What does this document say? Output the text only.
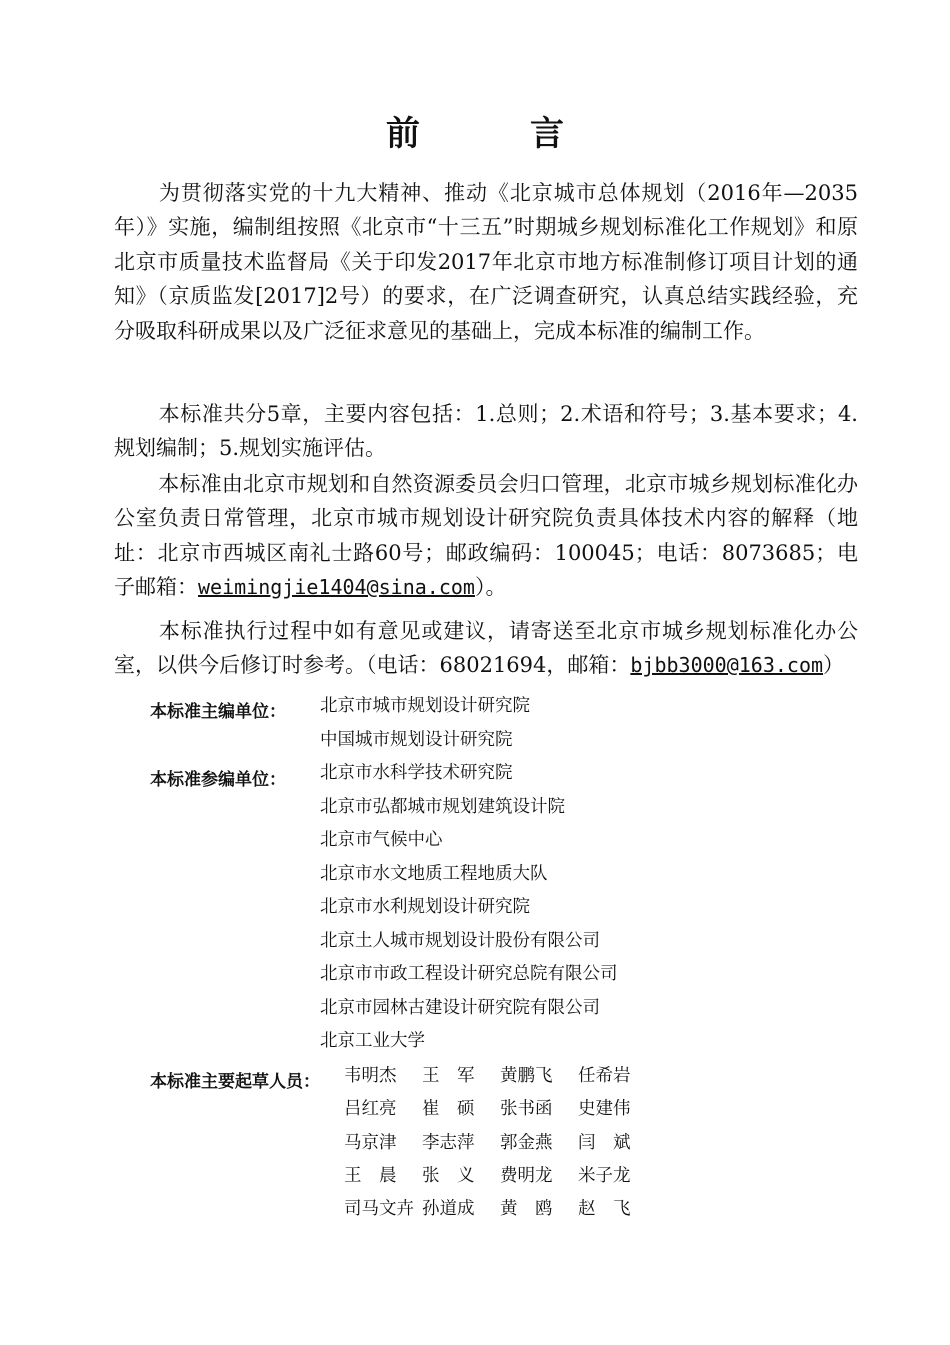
前　言

为贯彻落实党的十九大精神、推动《北京城市总体规划（2016年—2035年）》实施，编制组按照《北京市“十三五”时期城乡规划标准化工作规划》和原北京市质量技术监督局《关于印发2017年北京市地方标准制修订项目计划的通知》（京质监发[2017]2号）的要求，在广泛调查研究，认真总结实践经验，充分吸取科研成果以及广泛征求意见的基础上，完成本标准的编制工作。

本标准共分5章，主要内容包括：1.总则；2.术语和符号；3.基本要求；4.规划编制；5.规划实施评估。

本标准由北京市规划和自然资源委员会归口管理，北京市城乡规划标准化办公室负责日常管理，北京市城市规划设计研究院负责具体技术内容的解释（地址：北京市西城区南礼士路60号；邮政编码：100045；电话：8073685；电子邮箱：weimingjie1404@sina.com）。

本标准执行过程中如有意见或建议，请寄送至北京市城乡规划标准化办公室，以供今后修订时参考。（电话：68021694，邮箱：bjbb3000@163.com）

本标准主编单位： 北京市城市规划设计研究院
中国城市规划设计研究院
本标准参编单位： 北京市水科学技术研究院
北京市弘都城市规划建筑设计院
北京市气候中心
北京市水文地质工程地质大队
北京市水利规划设计研究院
北京土人城市规划设计股份有限公司
北京市市政工程设计研究总院有限公司
北京市园林古建设计研究院有限公司
北京工业大学
本标准主要起草人员： 韦明杰	王　军	黄鹏飞	任希岩
吕红亮	崔　硕	张书函	史建伟
马京津	李志萍	郭金燕	闫　斌
王　晨	张　义	费明龙	米子龙
司马文卉 孙道成	黄　鸥	赵　飞
